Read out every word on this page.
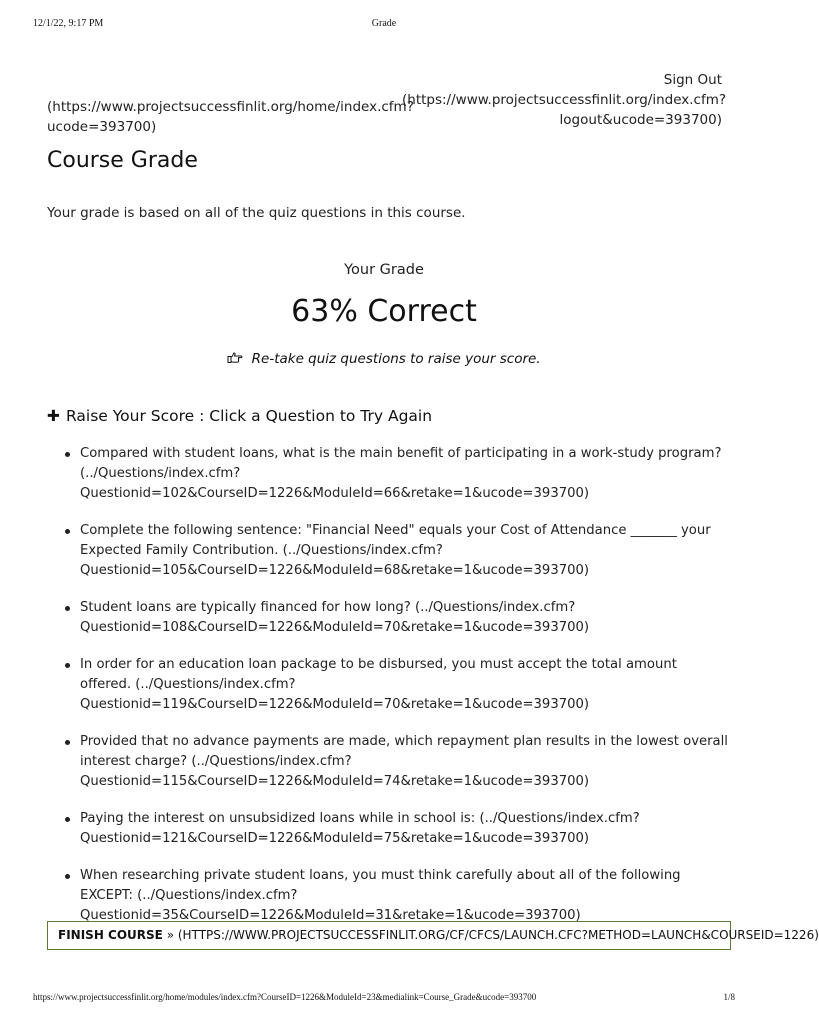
12/1/22, 9:17 PM	Grade
(https://www.projectsuccessfinlit.org/home/index.cfm?ucode=393700)
Sign Out
(https://www.projectsuccessfinlit.org/index.cfm?logout&ucode=393700)
Course Grade

Your grade is based on all of the quiz questions in this course.

Your Grade
63% Correct
Re-take quiz questions to raise your score.
✚ Raise Your Score : Click a Question to Try Again
Compared with student loans, what is the main benefit of participating in a work-study program? (../Questions/index.cfm?Questionid=102&CourseID=1226&ModuleId=66&retake=1&ucode=393700)
Complete the following sentence: "Financial Need" equals your Cost of Attendance _______ your Expected Family Contribution. (../Questions/index.cfm?Questionid=105&CourseID=1226&ModuleId=68&retake=1&ucode=393700)
Student loans are typically financed for how long? (../Questions/index.cfm?Questionid=108&CourseID=1226&ModuleId=70&retake=1&ucode=393700)
In order for an education loan package to be disbursed, you must accept the total amount offered. (../Questions/index.cfm?Questionid=119&CourseID=1226&ModuleId=70&retake=1&ucode=393700)
Provided that no advance payments are made, which repayment plan results in the lowest overall interest charge? (../Questions/index.cfm?Questionid=115&CourseID=1226&ModuleId=74&retake=1&ucode=393700)
Paying the interest on unsubsidized loans while in school is: (../Questions/index.cfm?Questionid=121&CourseID=1226&ModuleId=75&retake=1&ucode=393700)
When researching private student loans, you must think carefully about all of the following EXCEPT: (../Questions/index.cfm?Questionid=35&CourseID=1226&ModuleId=31&retake=1&ucode=393700)
FINISH COURSE » (HTTPS://WWW.PROJECTSUCCESSFINLIT.ORG/CF/CFCS/LAUNCH.CFC?METHOD=LAUNCH&COURSEID=1226)
https://www.projectsuccessfinlit.org/home/modules/index.cfm?CourseID=1226&ModuleId=23&medialink=Course_Grade&ucode=393700	1/8
